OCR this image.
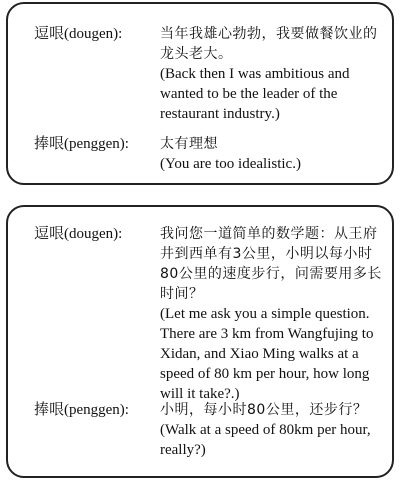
逗哏(dougen):	当年我雄心勃勃，我要做餐饮业的龙头老大。
(Back then I was ambitious and wanted to be the leader of the restaurant industry.)
捧哏(penggen): 太有理想
(You are too idealistic.)
逗哏(dougen):	我问您一道简单的数学题：从王府井到西单有3公里，小明以每小时80公里的速度步行，问需要用多长时间？
(Let me ask you a simple question. There are 3 km from Wangfujing to Xidan, and Xiao Ming walks at a speed of 80 km per hour, how long will it take?.)
捧哏(penggen): 小明，每小时80公里，还步行？
(Walk at a speed of 80km per hour, really?)
